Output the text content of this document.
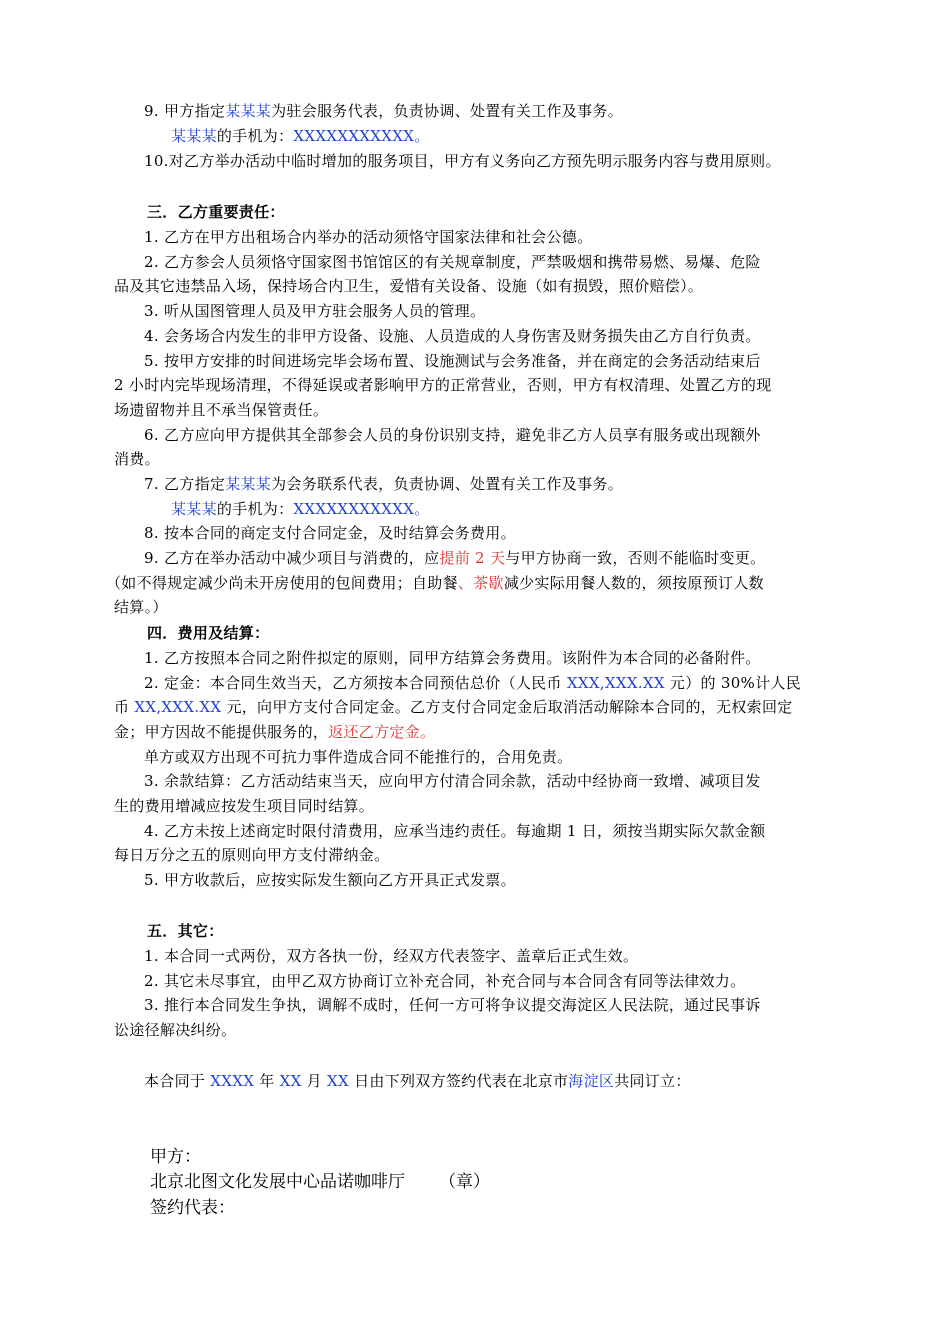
9. 甲方指定某某某为驻会服务代表，负责协调、处置有关工作及事务。
某某某的手机为：XXXXXXXXXXX。
10.对乙方举办活动中临时增加的服务项目，甲方有义务向乙方预先明示服务内容与费用原则。
三．乙方重要责任：
1. 乙方在甲方出租场合内举办的活动须恪守国家法律和社会公德。
2. 乙方参会人员须恪守国家图书馆馆区的有关规章制度，严禁吸烟和携带易燃、易爆、危险
品及其它违禁品入场，保持场合内卫生，爱惜有关设备、设施（如有损毁，照价赔偿）。
3. 听从国图管理人员及甲方驻会服务人员的管理。
4. 会务场合内发生的非甲方设备、设施、人员造成的人身伤害及财务损失由乙方自行负责。
5. 按甲方安排的时间进场完毕会场布置、设施测试与会务准备，并在商定的会务活动结束后
2 小时内完毕现场清理，不得延误或者影响甲方的正常营业，否则，甲方有权清理、处置乙方的现
场遗留物并且不承当保管责任。
6. 乙方应向甲方提供其全部参会人员的身份识别支持，避免非乙方人员享有服务或出现额外
消费。
7. 乙方指定某某某为会务联系代表，负责协调、处置有关工作及事务。
某某某的手机为：XXXXXXXXXXX。
8. 按本合同的商定支付合同定金，及时结算会务费用。
9. 乙方在举办活动中减少项目与消费的，应提前 2 天与甲方协商一致，否则不能临时变更。
（如不得规定减少尚未开房使用的包间费用；自助餐、茶歇减少实际用餐人数的，须按原预订人数
结算。）
四．费用及结算：
1. 乙方按照本合同之附件拟定的原则，同甲方结算会务费用。该附件为本合同的必备附件。
2. 定金：本合同生效当天，乙方须按本合同预估总价（人民币 XXX,XXX.XX 元）的 30%计人民
币 XX,XXX.XX 元，向甲方支付合同定金。乙方支付合同定金后取消活动解除本合同的，无权索回定
金；甲方因故不能提供服务的，返还乙方定金。
单方或双方出现不可抗力事件造成合同不能推行的，合用免责。
3. 余款结算：乙方活动结束当天，应向甲方付清合同余款，活动中经协商一致增、减项目发
生的费用增减应按发生项目同时结算。
4. 乙方未按上述商定时限付清费用，应承当违约责任。每逾期 1 日，须按当期实际欠款金额
每日万分之五的原则向甲方支付滞纳金。
5. 甲方收款后，应按实际发生额向乙方开具正式发票。
五．其它：
1. 本合同一式两份，双方各执一份，经双方代表签字、盖章后正式生效。
2. 其它未尽事宜，由甲乙双方协商订立补充合同，补充合同与本合同含有同等法律效力。
3. 推行本合同发生争执，调解不成时，任何一方可将争议提交海淀区人民法院，通过民事诉
讼途径解决纠纷。
本合同于 XXXX 年 XX 月 XX 日由下列双方签约代表在北京市海淀区共同订立：
甲方：
北京北图文化发展中心品诺咖啡厅 （章）
签约代表：
